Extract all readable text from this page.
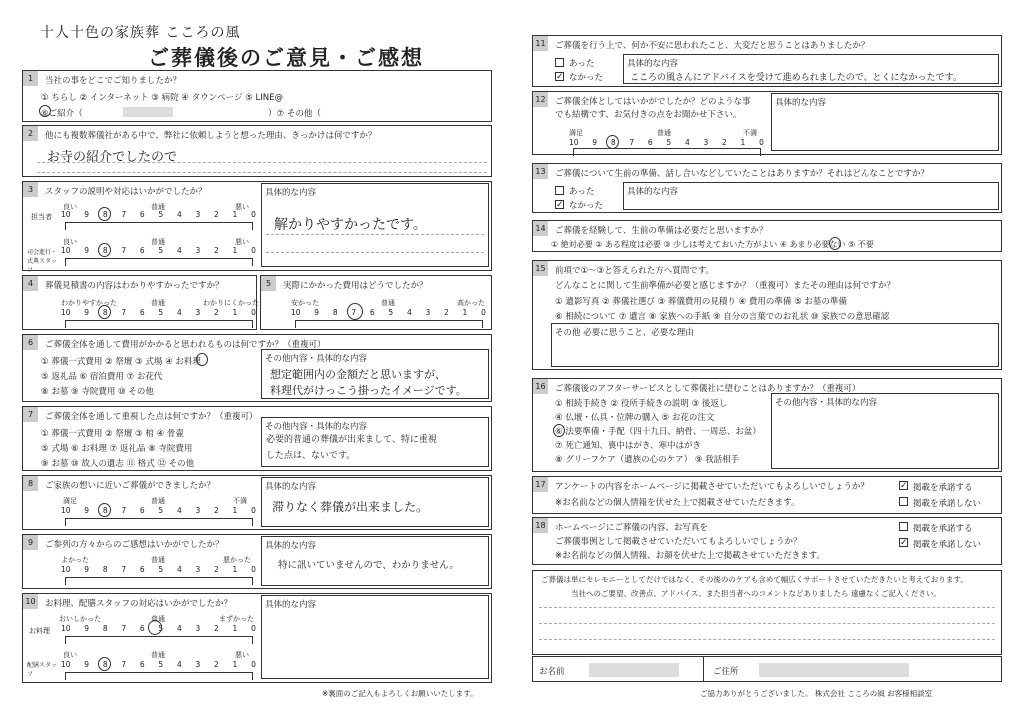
十人十色の家族葬 こころの風
ご葬儀後のご意見・ご感想
1	当社の事をどこでご知りましたか？
① ちらし ② インターネット ③ 病院 ④ タウンページ ⑤ LINE@
⑥ご紹介（	）⑦ その他（
2	他にも複数葬儀社がある中で、弊社に依頼しようと想った理由、きっかけは何ですか？
お寺の紹介でしたので
3	スタッフの説明や対応はいかがでしたか？
良い	普通	悪い
担当者 10 9 8 7 6 5 4 3 2 1 0
良い	普通	悪い
司会進行・式典スタッフ
10 9 8 7 6 5 4 3 2 1 0
具体的な内容
解かりやすかったです。
4	葬儀見積書の内容はわかりやすかったですか？
わかりやすかった	普通	わかりにくかった
10 9 8 7 6 5 4 3 2 1 0
5	実際にかかった費用はどうでしたか？
安かった	普通	高かった
10 9 8 7 6 5 4 3 2 1 0
6	ご葬儀全体を通して費用がかかると思われるものは何ですか？（重複可）
① 葬儀一式費用 ② 祭壇 ③ 式場 ④ お料理
⑤ 返礼品 ⑥ 宿泊費用 ⑦ お花代
⑧ お墓 ⑨ 寺院費用 ⑩ その他
その他内容・具体的な内容
想定範囲内の金額だと思いますが、
料理代がけっこう掛ったイメージです。
7	ご葬儀全体を通して重視した点は何ですか？（重複可）
① 葬儀一式費用 ② 祭壇 ③ 棺 ④ 骨壷
⑤ 式場 ⑥ お料理 ⑦ 返礼品 ⑧ 寺院費用
⑨ お墓 ⑩ 故人の遺志 ⑪ 格式 ⑫ その他
その他内容・具体的な内容
必要的普通の葬儀が出来まして、特に重視
した点は、ないです。
8	ご家族の想いに近いご葬儀ができましたか？
満足	普通	不満
10 9 8 7 6 5 4 3 2 1 0
具体的な内容
滞りなく葬儀が出来ました。
9	ご参列の方々からのご感想はいかがでしたか？
よかった	普通	悪かった
10 9 8 7 6 5 4 3 2 1 0
具体的な内容
特に訊いていませんので、わかりません。
10 お料理、配膳スタッフの対応はいかがでしたか？
おいしかった	普通	まずかった
お料理 10 9 8 7 6 5 4 3 2 1 0
良い	普通	悪い
配膳スタッフ
10 9 8 7 6 5 4 3 2 1 0
具体的な内容
※裏面のご記入もよろしくお願いいたします。
11 ご葬儀を行う上で、何か不安に思われたこと、大変だと思うことはありましたか？
あった
✓ なかった
具体的な内容
こころの風さんにアドバイスを受けて進められましたので、とくになかったです。
12 ご葬儀全体としてはいかがでしたか？どのような事
でも結構です、お気付きの点をお聞かせ下さい。
満足	普通	不満
10 9 8 7 6 5 4 3 2 1 0
具体的な内容
13 ご葬儀について生前の準備、話し合いなどしていたことはありますか？それはどんなことですか？
あった
✓ なかった
具体的な内容
14 ご葬儀を経験して、生前の準備は必要だと思いますか？
① 絶対必要 ② ある程度は必要 ③ 少しは考えておいた方がよい ④ あまり必要ない ⑤ 不要
15 前項で①～③と答えられた方へ質問です。
どんなことに関して生前準備が必要と感じますか？（重複可）またその理由は何ですか？
① 遺影写真 ② 葬儀社選び ③ 葬儀費用の見積り ④ 費用の準備 ⑤ お墓の準備
⑥ 相続について ⑦ 遺言 ⑧ 家族への手紙 ⑨ 自分の言葉でのお礼状 ⑩ 家族での意思確認
その他 必要に思うこと、必要な理由
16 ご葬儀後のアフターサービスとして葬儀社に望むことはありますか？（重複可）
① 相続手続き ② 役所手続きの説明 ③ 後返し
④ 仏壇・仏具・位牌の購入 ⑤ お花の注文
⑥ 法要準備・手配（四十九日、納骨、一周忌、お盆）
⑦ 死亡通知、喪中はがき、寒中はがき
⑧ グリーフケア（遺族の心のケア） ⑨ 我話相手
その他内容・具体的な内容
17 アンケートの内容をホームページに掲載させていただいてもよろしいでしょうか？
※お名前などの個人情報を伏せた上で掲載させていただきます。
✓ 掲載を承諾する
掲載を承諾しない
18 ホームページにご葬儀の内容、お写真を
ご葬儀事例として掲載させていただいてもよろしいでしょうか？
※お名前などの個人情報、お顔を伏せた上で掲載させていただきます。
掲載を承諾する
✓ 掲載を承諾しない
ご葬儀は単にセレモニーとしてだけではなく、その後ののケアも含めて幅広くサポートさせていただきたいと考えております。
当社へのご要望、改善点、アドバイス、また担当者へのコメントなどありましたら 遠慮なくご記入ください。
お名前	ご住所
ご協力ありがとうございました。 株式会社 こころの風 お客様相談室
